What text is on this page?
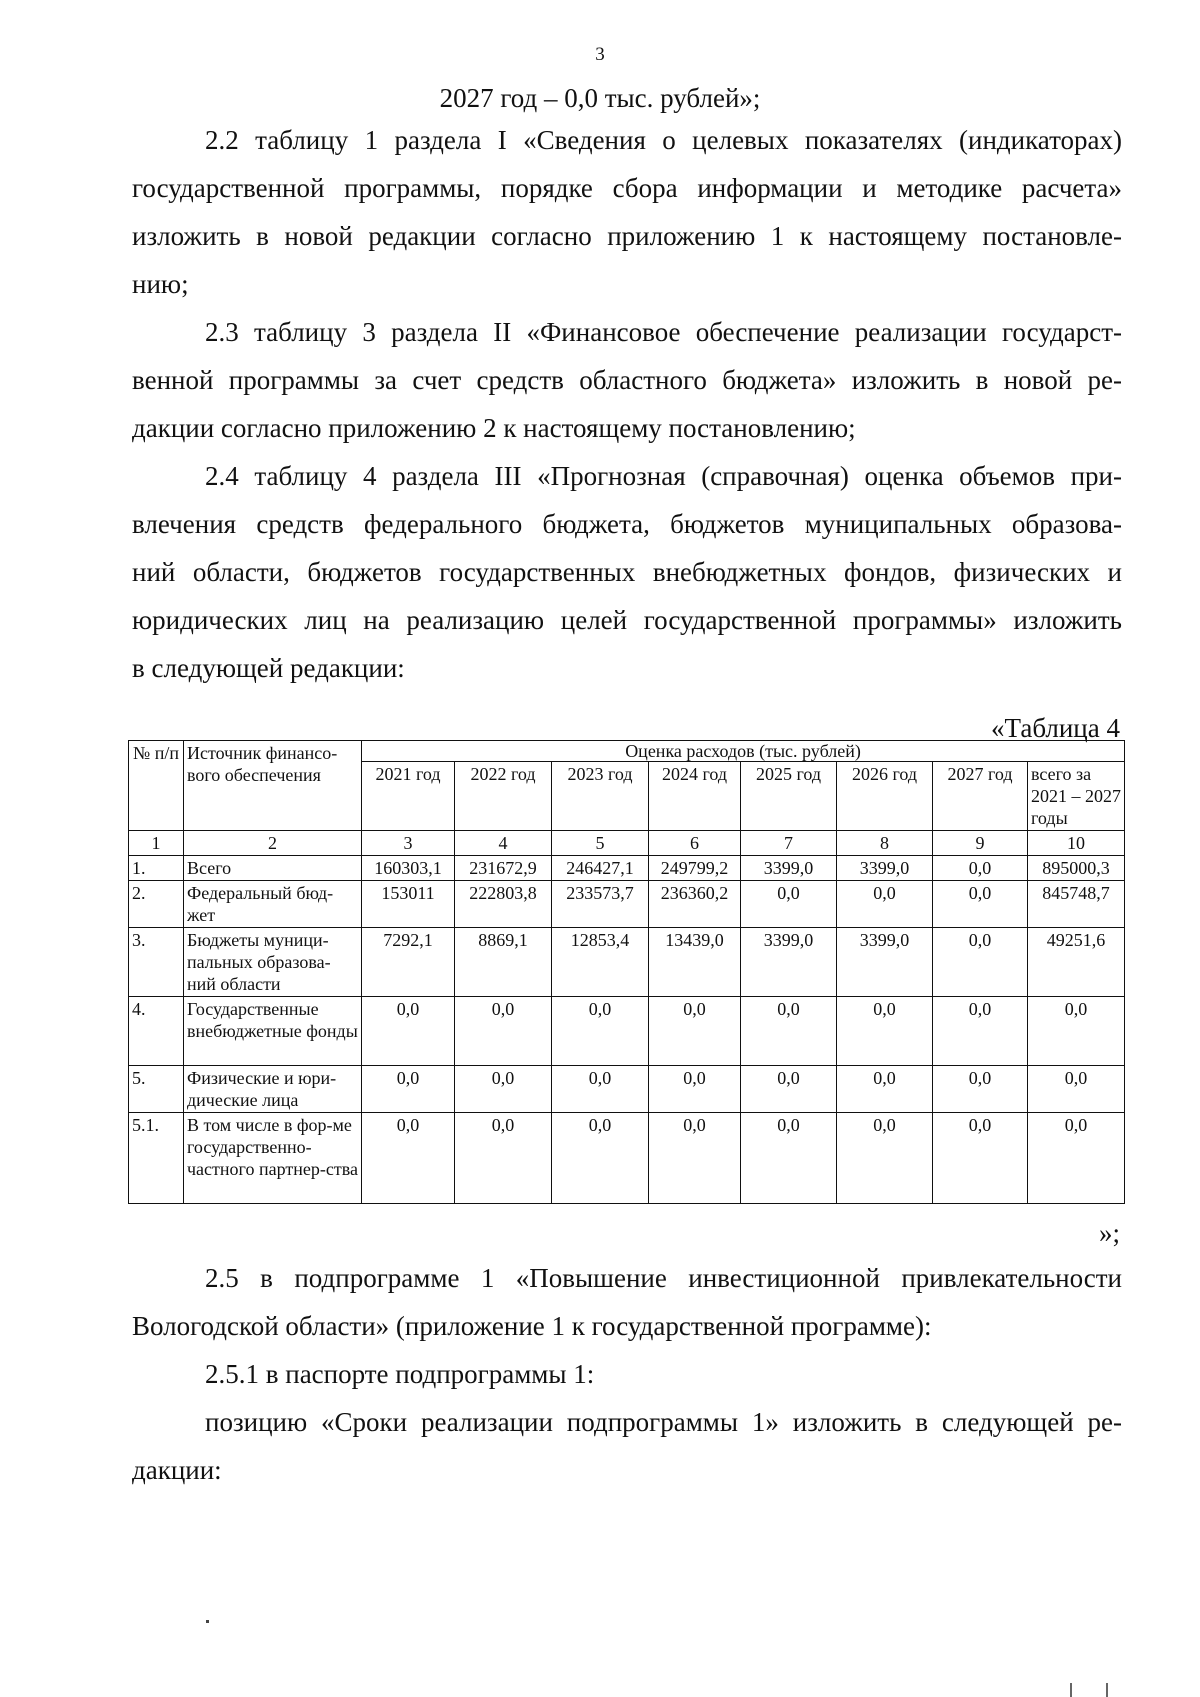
3
2027 год – 0,0 тыс. рублей»;
2.2 таблицу 1 раздела I «Сведения о целевых показателях (индикаторах)
государственной программы, порядке сбора информации и методике расчета»
изложить в новой редакции согласно приложению 1 к настоящему постановле-
нию;
2.3 таблицу 3 раздела II «Финансовое обеспечение реализации государст-
венной программы за счет средств областного бюджета» изложить в новой ре-
дакции согласно приложению 2 к настоящему постановлению;
2.4 таблицу 4 раздела III «Прогнозная (справочная) оценка объемов при-
влечения средств федерального бюджета, бюджетов муниципальных образова-
ний области, бюджетов государственных внебюджетных фондов, физических и
юридических лиц на реализацию целей государственной программы» изложить
в следующей редакции:
«Таблица 4
№ п/п	Источник финансо-вого обеспечения	Оценка расходов (тыс. рублей)							
		2021 год	2022 год	2023 год	2024 год	2025 год	2026 год	2027 год	всего за 2021 – 2027 годы
1	2	3	4	5	6	7	8	9	10
1.	Всего	160303,1	231672,9	246427,1	249799,2	3399,0	3399,0	0,0	895000,3
2.	Федеральный бюд-жет	153011	222803,8	233573,7	236360,2	0,0	0,0	0,0	845748,7
3.	Бюджеты муници-пальных образова-ний области	7292,1	8869,1	12853,4	13439,0	3399,0	3399,0	0,0	49251,6
4.	Государственные внебюджетные фонды	0,0	0,0	0,0	0,0	0,0	0,0	0,0	0,0
5.	Физические и юри-дические лица	0,0	0,0	0,0	0,0	0,0	0,0	0,0	0,0
5.1.	В том числе в фор-ме государственно-частного партнер-ства	0,0	0,0	0,0	0,0	0,0	0,0	0,0	0,0
»;
2.5 в подпрограмме 1 «Повышение инвестиционной привлекательности
Вологодской области» (приложение 1 к государственной программе):
2.5.1 в паспорте подпрограммы 1:
позицию «Сроки реализации подпрограммы 1» изложить в следующей ре-
дакции:
